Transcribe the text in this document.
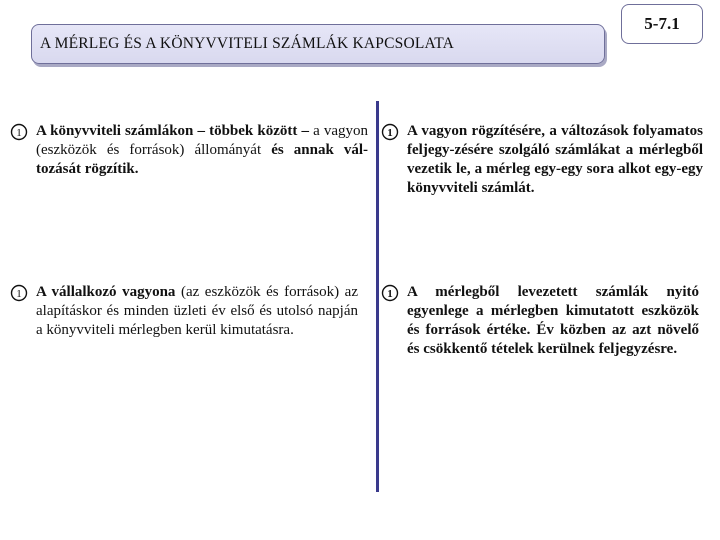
A MÉRLEG ÉS A KÖNYVVITELI SZÁMLÁK KAPCSOLATA
5-7.1
1 A könyvviteli számlákon – többek között – a vagyon (eszközök és források) állományát és annak vál-tozását rögzítik.
1 A vagyon rögzítésére, a változások folyamatos feljegy-zésére szolgáló számlákat a mérlegből vezetik le, a mérleg egy-egy sora alkot egy-egy könyvviteli számlát.
1 A vállalkozó vagyona (az eszközök és források) az alapításkor és minden üzleti év első és utolsó napján a könyvviteli mérlegben kerül kimutatásra.
1 A mérlegből levezetett számlák nyitó egyenlege a mérlegben kimutatott eszközök és források értéke. Év közben az azt növelő és csökkentő tételek kerülnek feljegyzésre.
